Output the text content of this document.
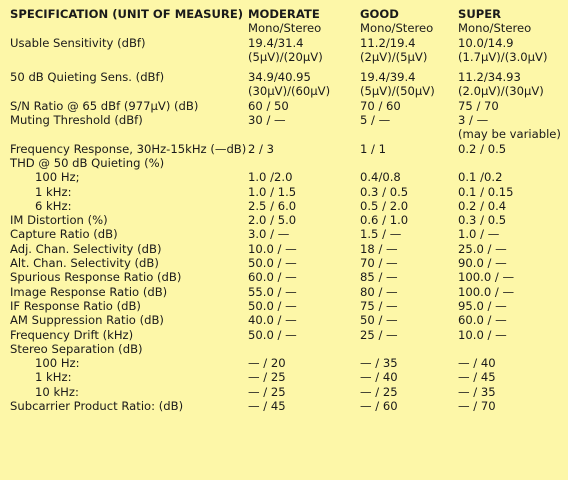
SPECIFICATION (UNIT OF MEASURE)	MODERATE	GOOD	SUPER
	Mono/Stereo	Mono/Stereo	Mono/Stereo
Usable Sensitivity (dBf)	19.4/31.4	11.2/19.4	10.0/14.9
	(5μV)/(20μV)	(2μV)/(5μV)	(1.7μV)/(3.0μV)
50 dB Quieting Sens. (dBf)	34.9/40.95	19.4/39.4	11.2/34.93
	(30μV)/(60μV)	(5μV)/(50μV)	(2.0μV)/(30μV)
S/N Ratio @ 65 dBf (977μV) (dB)	60 / 50	70 / 60	75 / 70
Muting Threshold (dBf)	30 / —	5 / —	3 / —
			(may be variable)
Frequency Response, 30Hz-15kHz (—dB)	2 / 3	1 / 1	0.2 / 0.5
THD @ 50 dB Quieting (%)			
100 Hz;	1.0 /2.0	0.4/0.8	0.1 /0.2
1 kHz:	1.0 / 1.5	0.3 / 0.5	0.1 / 0.15
6 kHz:	2.5 / 6.0	0.5 / 2.0	0.2 / 0.4
IM Distortion (%)	2.0 / 5.0	0.6 / 1.0	0.3 / 0.5
Capture Ratio (dB)	3.0 / —	1.5 / —	1.0 / —
Adj. Chan. Selectivity (dB)	10.0 / —	18 / —	25.0 / —
Alt. Chan. Selectivity (dB)	50.0 / —	70 / —	90.0 / —
Spurious Response Ratio (dB)	60.0 / —	85 / —	100.0 / —
Image Response Ratio (dB)	55.0 / —	80 / —	100.0 / —
IF Response Ratio (dB)	50.0 / —	75 / —	95.0 / —
AM Suppression Ratio (dB)	40.0 / —	50 / —	60.0 / —
Frequency Drift (kHz)	50.0 / —	25 / —	10.0 / —
Stereo Separation (dB)			
100 Hz:	— / 20	— / 35	— / 40
1 kHz:	— / 25	— / 40	— / 45
10 kHz:	— / 25	— / 25	— / 35
Subcarrier Product Ratio: (dB)	— / 45	— / 60	— / 70
